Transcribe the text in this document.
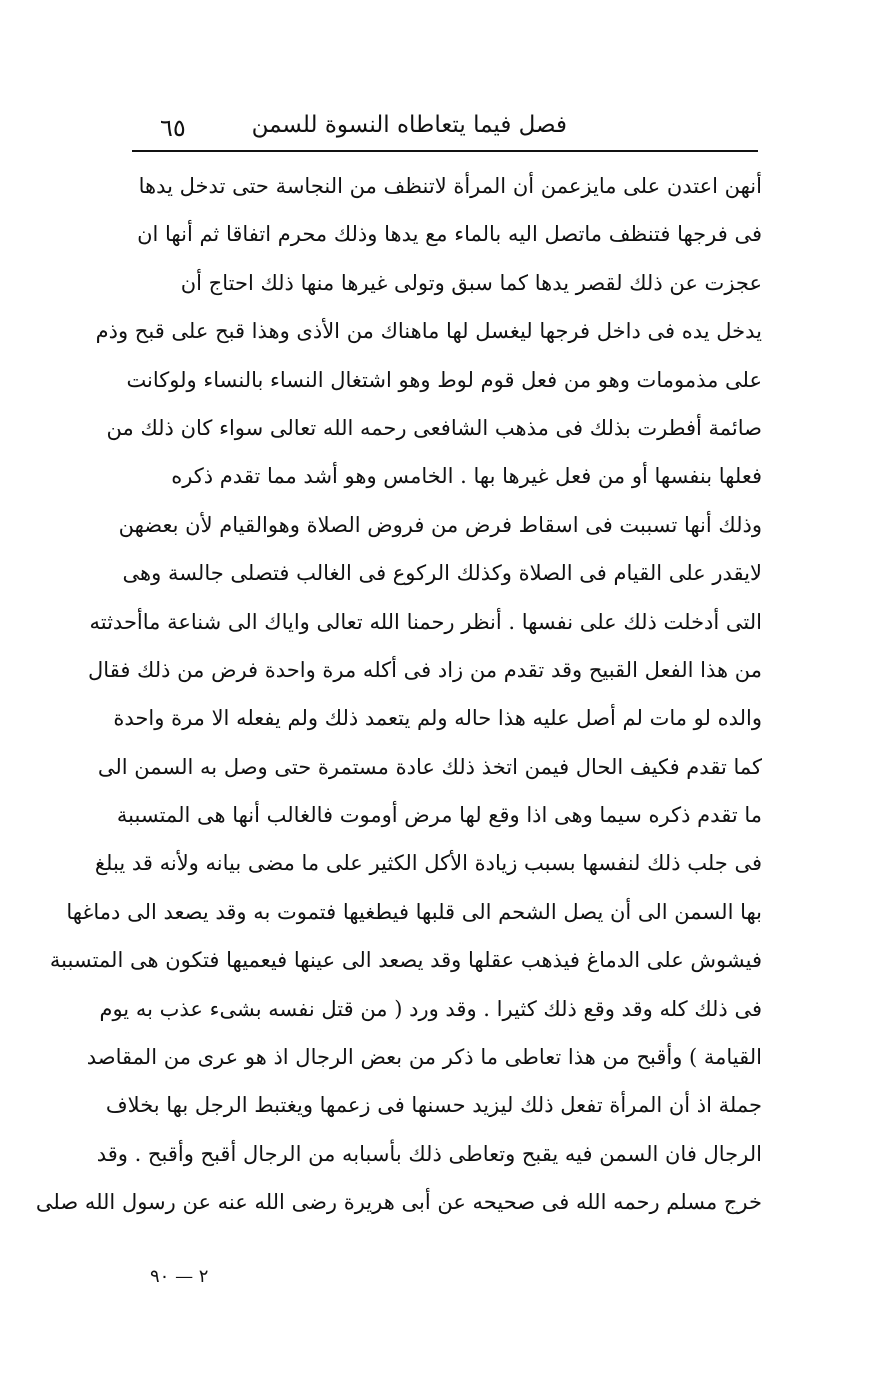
فصل فيما يتعاطاه النسوة للسمن
٦٥
أنهن اعتدن على مايزعمن أن المرأة لاتنظف من النجاسة حتى تدخل يدها
فى فرجها فتنظف ماتصل اليه بالماء مع يدها وذلك محرم اتفاقا ثم أنها ان
عجزت عن ذلك لقصر يدها كما سبق وتولى غيرها منها ذلك احتاج أن
يدخل يده فى داخل فرجها ليغسل لها ماهناك من الأذى وهذا قبح على قبح وذم
على مذمومات وهو من فعل قوم لوط وهو اشتغال النساء بالنساء ولوكانت
صائمة أفطرت بذلك فى مذهب الشافعى رحمه الله تعالى سواء كان ذلك من
فعلها بنفسها أو من فعل غيرها بها . الخامس وهو أشد مما تقدم ذكره
وذلك أنها تسببت فى اسقاط فرض من فروض الصلاة وهوالقيام لأن بعضهن
لايقدر على القيام فى الصلاة وكذلك الركوع فى الغالب فتصلى جالسة وهى
التى أدخلت ذلك على نفسها . أنظر رحمنا الله تعالى واياك الى شناعة ماأحدثته
من هذا الفعل القبيح وقد تقدم من زاد فى أكله مرة واحدة فرض من ذلك فقال
والده لو مات لم أصل عليه هذا حاله ولم يتعمد ذلك ولم يفعله الا مرة واحدة
كما تقدم فكيف الحال فيمن اتخذ ذلك عادة مستمرة حتى وصل به السمن الى
ما تقدم ذكره سيما وهى اذا وقع لها مرض أوموت فالغالب أنها هى المتسببة
فى جلب ذلك لنفسها بسبب زيادة الأكل الكثير على ما مضى بيانه ولأنه قد يبلغ
بها السمن الى أن يصل الشحم الى قلبها فيطغيها فتموت به وقد يصعد الى دماغها
فيشوش على الدماغ فيذهب عقلها وقد يصعد الى عينها فيعميها فتكون هى المتسببة
فى ذلك كله وقد وقع ذلك كثيرا . وقد ورد ( من قتل نفسه بشىء عذب به يوم
القيامة ) وأقبح من هذا تعاطى ما ذكر من بعض الرجال اذ هو عرى من المقاصد
جملة اذ أن المرأة تفعل ذلك ليزيد حسنها فى زعمها ويغتبط الرجل بها بخلاف
الرجال فان السمن فيه يقبح وتعاطى ذلك بأسبابه من الرجال أقبح وأقبح . وقد
خرج مسلم رحمه الله فى صحيحه عن أبى هريرة رضى الله عنه عن رسول الله صلى
٢ — ٩٠
